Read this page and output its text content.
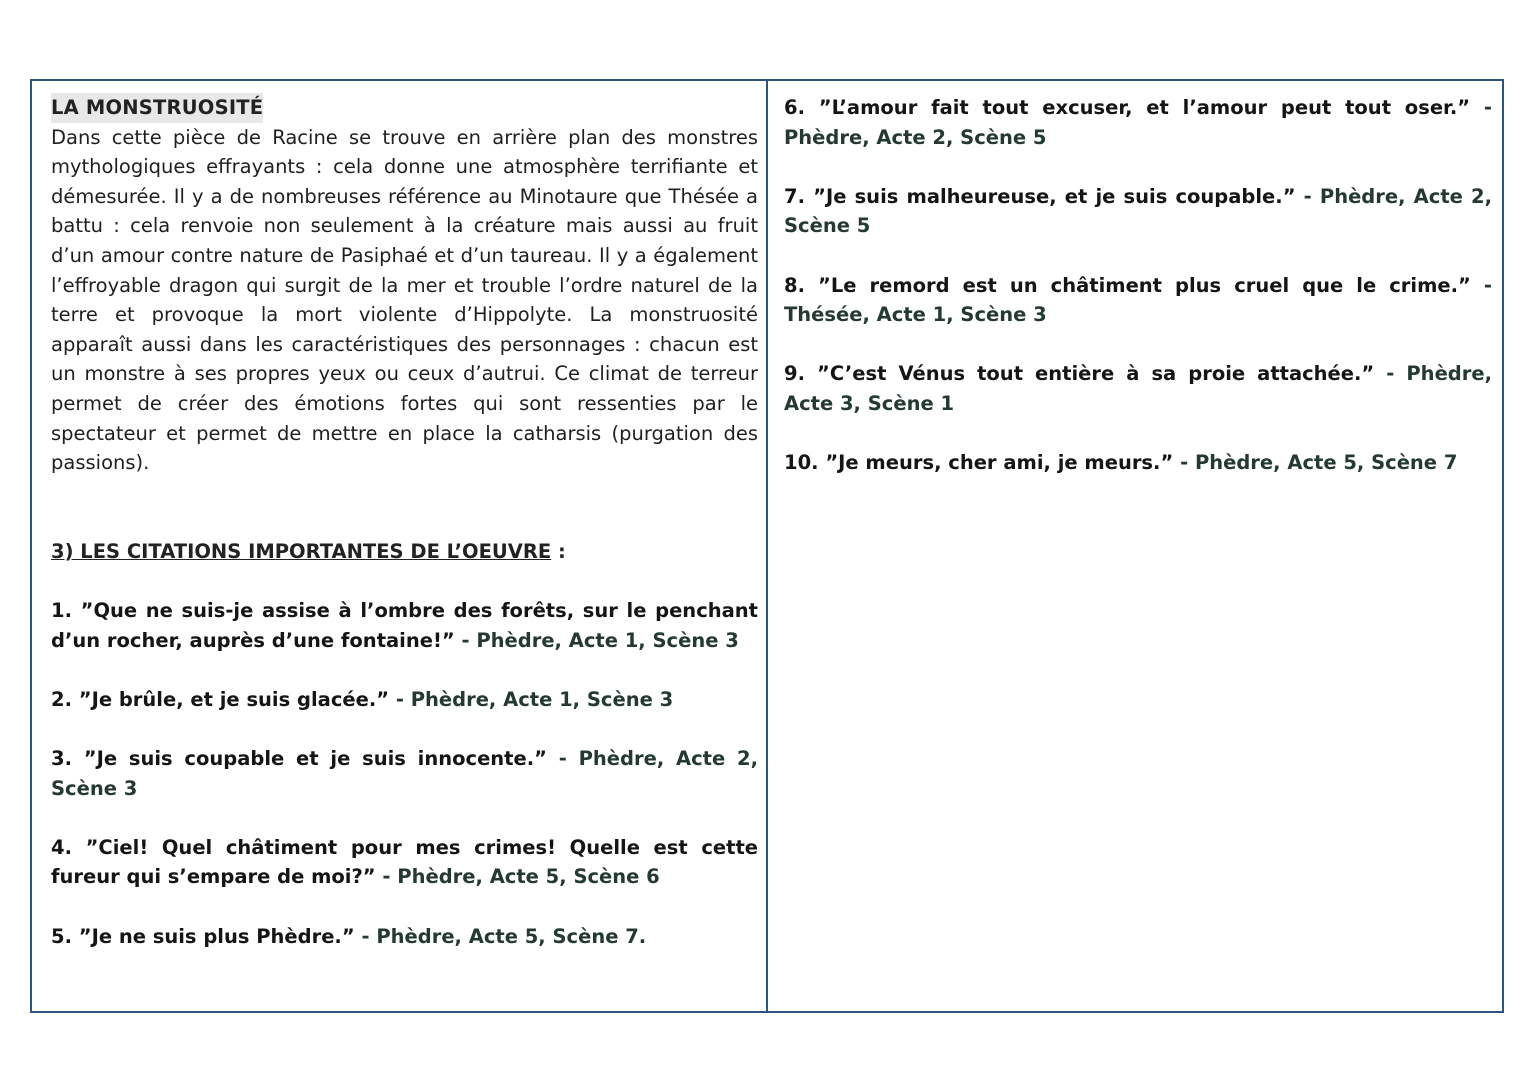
LA MONSTRUOSITÉ
Dans cette pièce de Racine se trouve en arrière plan des monstres mythologiques effrayants : cela donne une atmosphère terrifiante et démesurée. Il y a de nombreuses référence au Minotaure que Thésée a battu : cela renvoie non seulement à la créature mais aussi au fruit d’un amour contre nature de Pasiphaé et d’un taureau. Il y a également l’effroyable dragon qui surgit de la mer et trouble l’ordre naturel de la terre et provoque la mort violente d’Hippolyte. La monstruosité apparaît aussi dans les caractéristiques des personnages : chacun est un monstre à ses propres yeux ou ceux d’autrui. Ce climat de terreur permet de créer des émotions fortes qui sont ressenties par le spectateur et permet de mettre en place la catharsis (purgation des passions).
3) LES CITATIONS IMPORTANTES DE L’OEUVRE :
1. ”Que ne suis-je assise à l’ombre des forêts, sur le penchant d’un rocher, auprès d’une fontaine!” - Phèdre, Acte 1, Scène 3
2. ”Je brûle, et je suis glacée.” - Phèdre, Acte 1, Scène 3
3. ”Je suis coupable et je suis innocente.” - Phèdre, Acte 2, Scène 3
4. ”Ciel! Quel châtiment pour mes crimes! Quelle est cette fureur qui s’empare de moi?” - Phèdre, Acte 5, Scène 6
5. ”Je ne suis plus Phèdre.” - Phèdre, Acte 5, Scène 7.
6. ”L’amour fait tout excuser, et l’amour peut tout oser.” - Phèdre, Acte 2, Scène 5
7. ”Je suis malheureuse, et je suis coupable.” - Phèdre, Acte 2, Scène 5
8. ”Le remord est un châtiment plus cruel que le crime.” - Thésée, Acte 1, Scène 3
9. ”C’est Vénus tout entière à sa proie attachée.” - Phèdre, Acte 3, Scène 1
10. ”Je meurs, cher ami, je meurs.” - Phèdre, Acte 5, Scène 7
